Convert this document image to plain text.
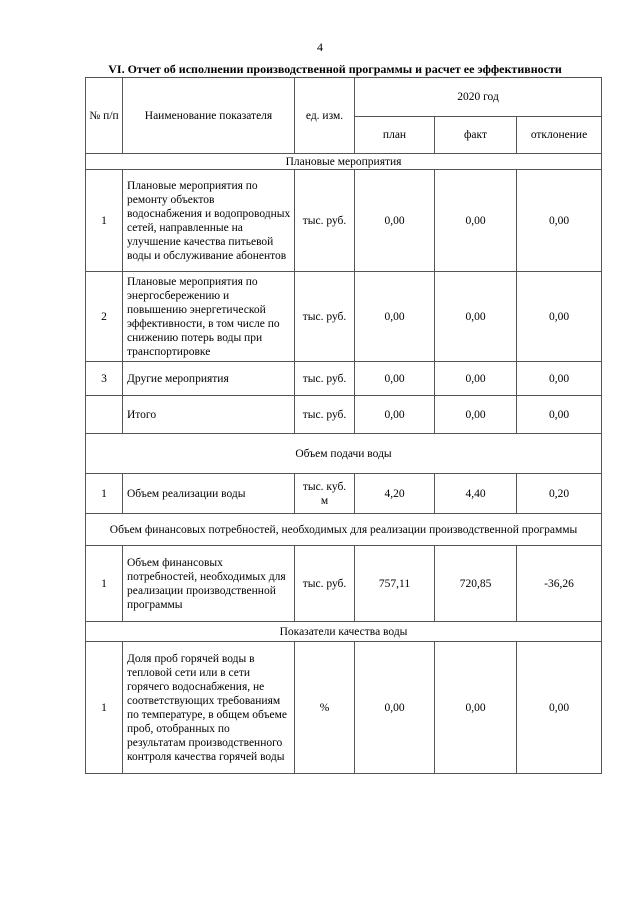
4
VI. Отчет об исполнении производственной программы и расчет ее эффективности
№ п/п	Наименование показателя	ед. изм.	2020 год		
			план	факт	отклонение
Плановые мероприятия					
1	Плановые мероприятия по ремонту объектов водоснабжения и водопроводных сетей, направленные на улучшение качества питьевой воды и обслуживание абонентов	тыс. руб.	0,00	0,00	0,00
2	Плановые мероприятия по энергосбережению и повышению энергетической эффективности, в том числе по снижению потерь воды при транспортировке	тыс. руб.	0,00	0,00	0,00
3	Другие мероприятия	тыс. руб.	0,00	0,00	0,00
	Итого	тыс. руб.	0,00	0,00	0,00
Объем подачи воды					
1	Объем реализации воды	тыс. куб. м	4,20	4,40	0,20
Объем финансовых потребностей, необходимых для реализации производственной программы					
1	Объем финансовых потребностей, необходимых для реализации производственной программы	тыс. руб.	757,11	720,85	-36,26
Показатели качества воды					
1	Доля проб горячей воды в тепловой сети или в сети горячего водоснабжения, не соответствующих требованиям по температуре, в общем объеме проб, отобранных по результатам производственного контроля качества горячей воды	%	0,00	0,00	0,00
